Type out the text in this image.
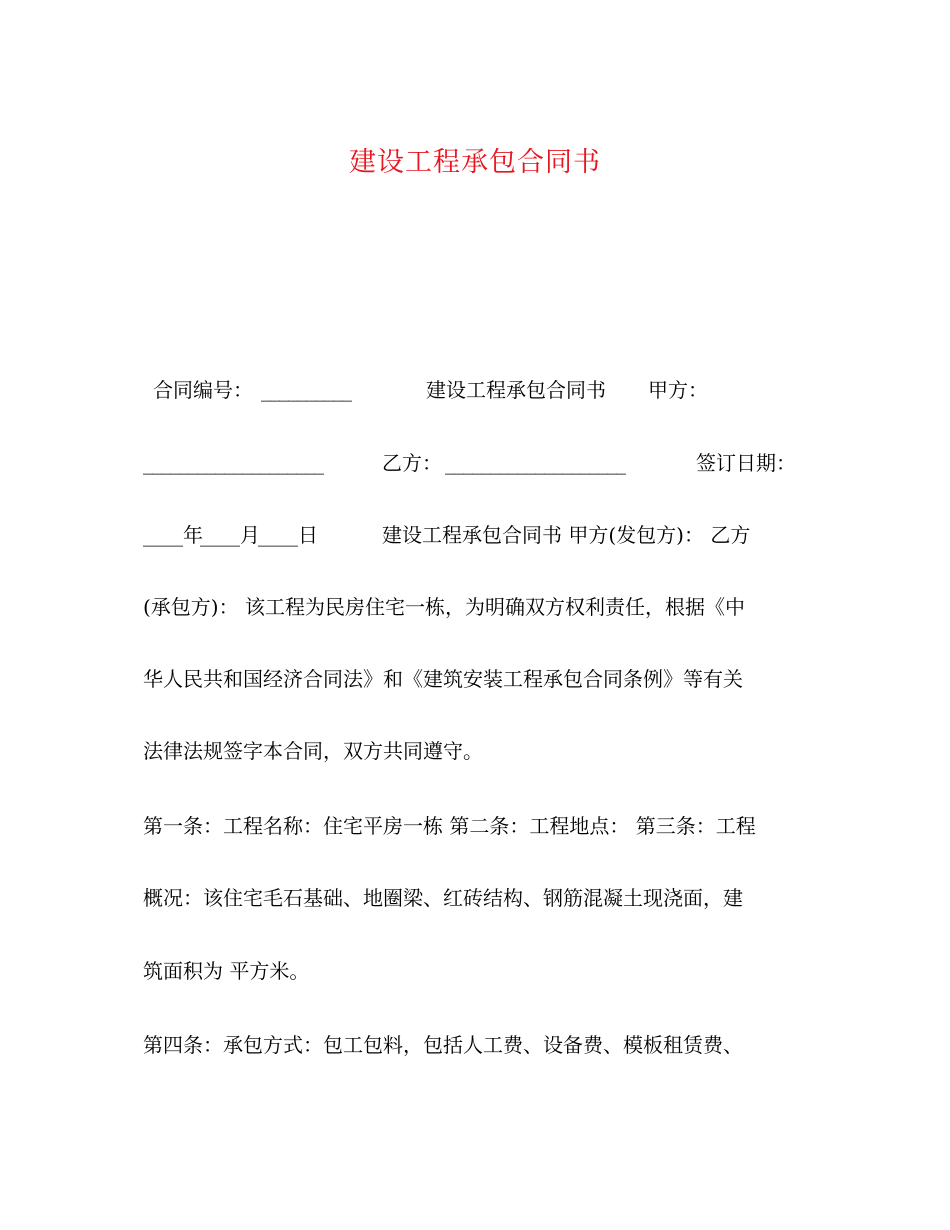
建设工程承包合同书
合同编号： __________	建设工程承包合同书 甲方：
____________________	乙方： ____________________	签订日期：
____年
____月
____日	建设工程承包合同书 甲方(发包方)： 乙方
(承包方)： 该工程为民房住宅一栋，为明确双方权利责任，根据《中
华人民共和国经济合同法》和《建筑安装工程承包合同条例》等有关
法律法规签字本合同，双方共同遵守。
第一条：工程名称：住宅平房一栋 第二条：工程地点： 第三条：工程
概况：该住宅毛石基础、地圈梁、红砖结构、钢筋混凝土现浇面，建
筑面积为 平方米。
第四条：承包方式：包工包料，包括人工费、设备费、模板租赁费、
